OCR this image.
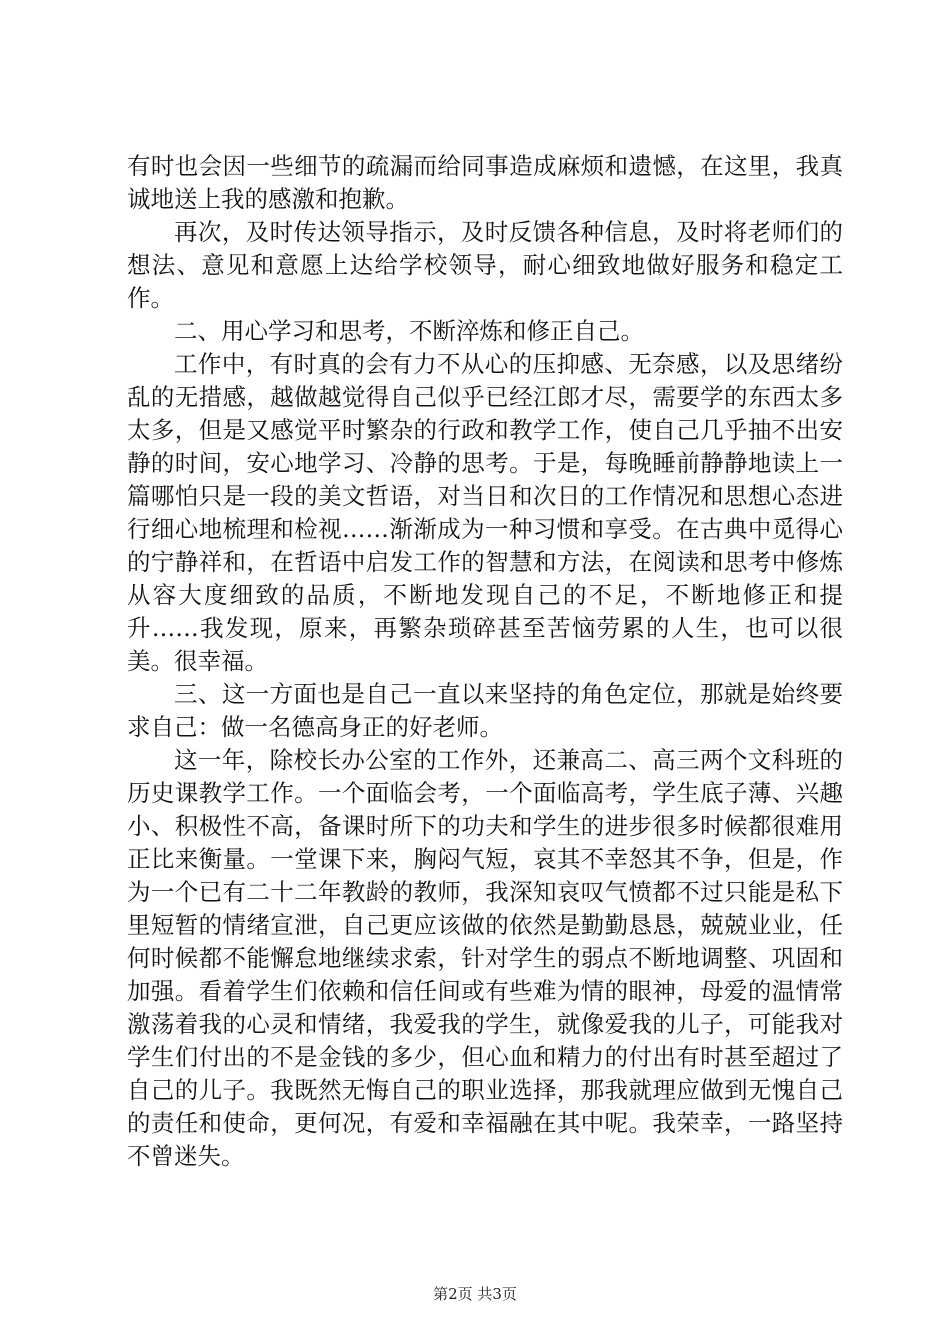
有时也会因一些细节的疏漏而给同事造成麻烦和遗憾，在这里，我真诚地送上我的感激和抱歉。

再次，及时传达领导指示，及时反馈各种信息，及时将老师们的想法、意见和意愿上达给学校领导，耐心细致地做好服务和稳定工作。

二、用心学习和思考，不断淬炼和修正自己。

工作中，有时真的会有力不从心的压抑感、无奈感，以及思绪纷乱的无措感，越做越觉得自己似乎已经江郎才尽，需要学的东西太多太多，但是又感觉平时繁杂的行政和教学工作，使自己几乎抽不出安静的时间，安心地学习、冷静的思考。于是，每晚睡前静静地读上一篇哪怕只是一段的美文哲语，对当日和次日的工作情况和思想心态进行细心地梳理和检视……渐渐成为一种习惯和享受。在古典中觅得心的宁静祥和，在哲语中启发工作的智慧和方法，在阅读和思考中修炼从容大度细致的品质，不断地发现自己的不足，不断地修正和提升……我发现，原来，再繁杂琐碎甚至苦恼劳累的人生，也可以很美。很幸福。

三、这一方面也是自己一直以来坚持的角色定位，那就是始终要求自己：做一名德高身正的好老师。

这一年，除校长办公室的工作外，还兼高二、高三两个文科班的历史课教学工作。一个面临会考，一个面临高考，学生底子薄、兴趣小、积极性不高，备课时所下的功夫和学生的进步很多时候都很难用正比来衡量。一堂课下来，胸闷气短，哀其不幸怒其不争，但是，作为一个已有二十二年教龄的教师，我深知哀叹气愤都不过只能是私下里短暂的情绪宣泄，自己更应该做的依然是勤勤恳恳，兢兢业业，任何时候都不能懈怠地继续求索，针对学生的弱点不断地调整、巩固和加强。看着学生们依赖和信任间或有些难为情的眼神，母爱的温情常激荡着我的心灵和情绪，我爱我的学生，就像爱我的儿子，可能我对学生们付出的不是金钱的多少，但心血和精力的付出有时甚至超过了自己的儿子。我既然无悔自己的职业选择，那我就理应做到无愧自己的责任和使命，更何况，有爱和幸福融在其中呢。我荣幸，一路坚持不曾迷失。

第2页 共3页
